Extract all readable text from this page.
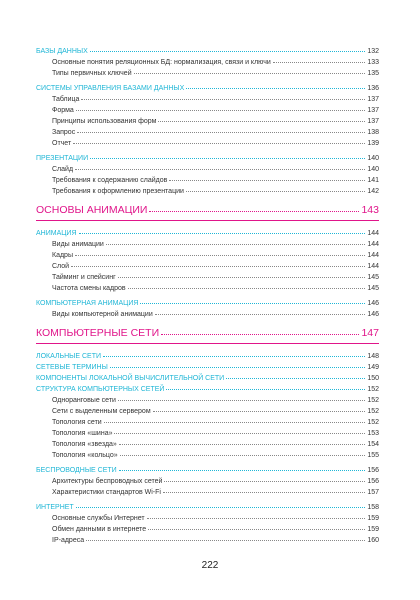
БАЗЫ ДАННЫХ	132
Основные понятия реляционных БД: нормализация, связи и ключи	133
Типы первичных ключей	135
СИСТЕМЫ УПРАВЛЕНИЯ БАЗАМИ ДАННЫХ	136
Таблица	137
Форма	137
Принципы использования форм	137
Запрос	138
Отчет	139
ПРЕЗЕНТАЦИИ	140
Слайд	140
Требования к содержанию слайдов	141
Требования к оформлению презентации	142
ОСНОВЫ АНИМАЦИИ	143
АНИМАЦИЯ	144
Виды анимации	144
Кадры	144
Слой	144
Тайминг и спейсинг	145
Частота смены кадров	145
КОМПЬЮТЕРНАЯ АНИМАЦИЯ	146
Виды компьютерной анимации	146
КОМПЬЮТЕРНЫЕ СЕТИ	147
ЛОКАЛЬНЫЕ СЕТИ	148
СЕТЕВЫЕ ТЕРМИНЫ	149
КОМПОНЕНТЫ ЛОКАЛЬНОЙ ВЫЧИСЛИТЕЛЬНОЙ СЕТИ	150
СТРУКТУРА КОМПЬЮТЕРНЫХ СЕТЕЙ	152
Одноранговые сети	152
Сети с выделенным сервером	152
Топология сети	152
Топология «шина»	153
Топология «звезда»	154
Топология «кольцо»	155
БЕСПРОВОДНЫЕ СЕТИ	156
Архитектуры беспроводных сетей	156
Характеристики стандартов Wi-Fi	157
ИНТЕРНЕТ	158
Основные службы Интернет	159
Обмен данными в интернете	159
IP-адреса	160
222
